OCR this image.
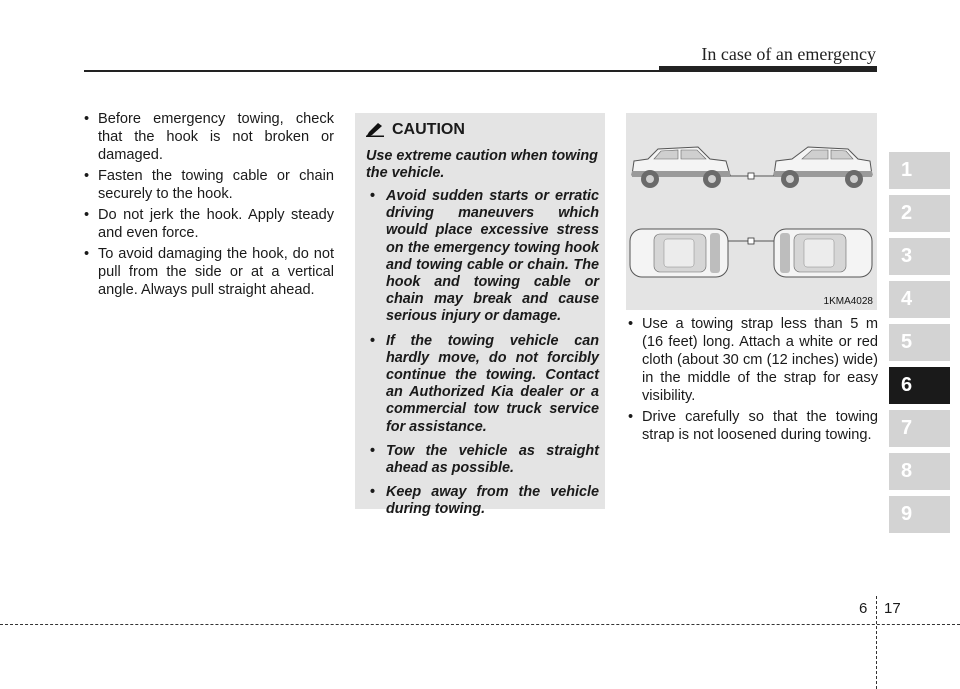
In case of an emergency
• Before emergency towing, check that the hook is not broken or damaged.
• Fasten the towing cable or chain securely to the hook.
• Do not jerk the hook. Apply steady and even force.
• To avoid damaging the hook, do not pull from the side or at a vertical angle. Always pull straight ahead.
CAUTION

Use extreme caution when towing the vehicle.

• Avoid sudden starts or erratic driving maneuvers which would place excessive stress on the emergency towing hook and towing cable or chain. The hook and towing cable or chain may break and cause serious injury or damage.
• If the towing vehicle can hardly move, do not forcibly continue the towing. Contact an Authorized Kia dealer or a commercial tow truck service for assistance.
• Tow the vehicle as straight ahead as possible.
• Keep away from the vehicle during towing.
1KMA4028
• Use a towing strap less than 5 m (16 feet) long. Attach a white or red cloth (about 30 cm (12 inches) wide) in the middle of the strap for easy visibility.
• Drive carefully so that the towing strap is not loosened during towing.
1
2
3
4
5
6
7
8
9
6 17
